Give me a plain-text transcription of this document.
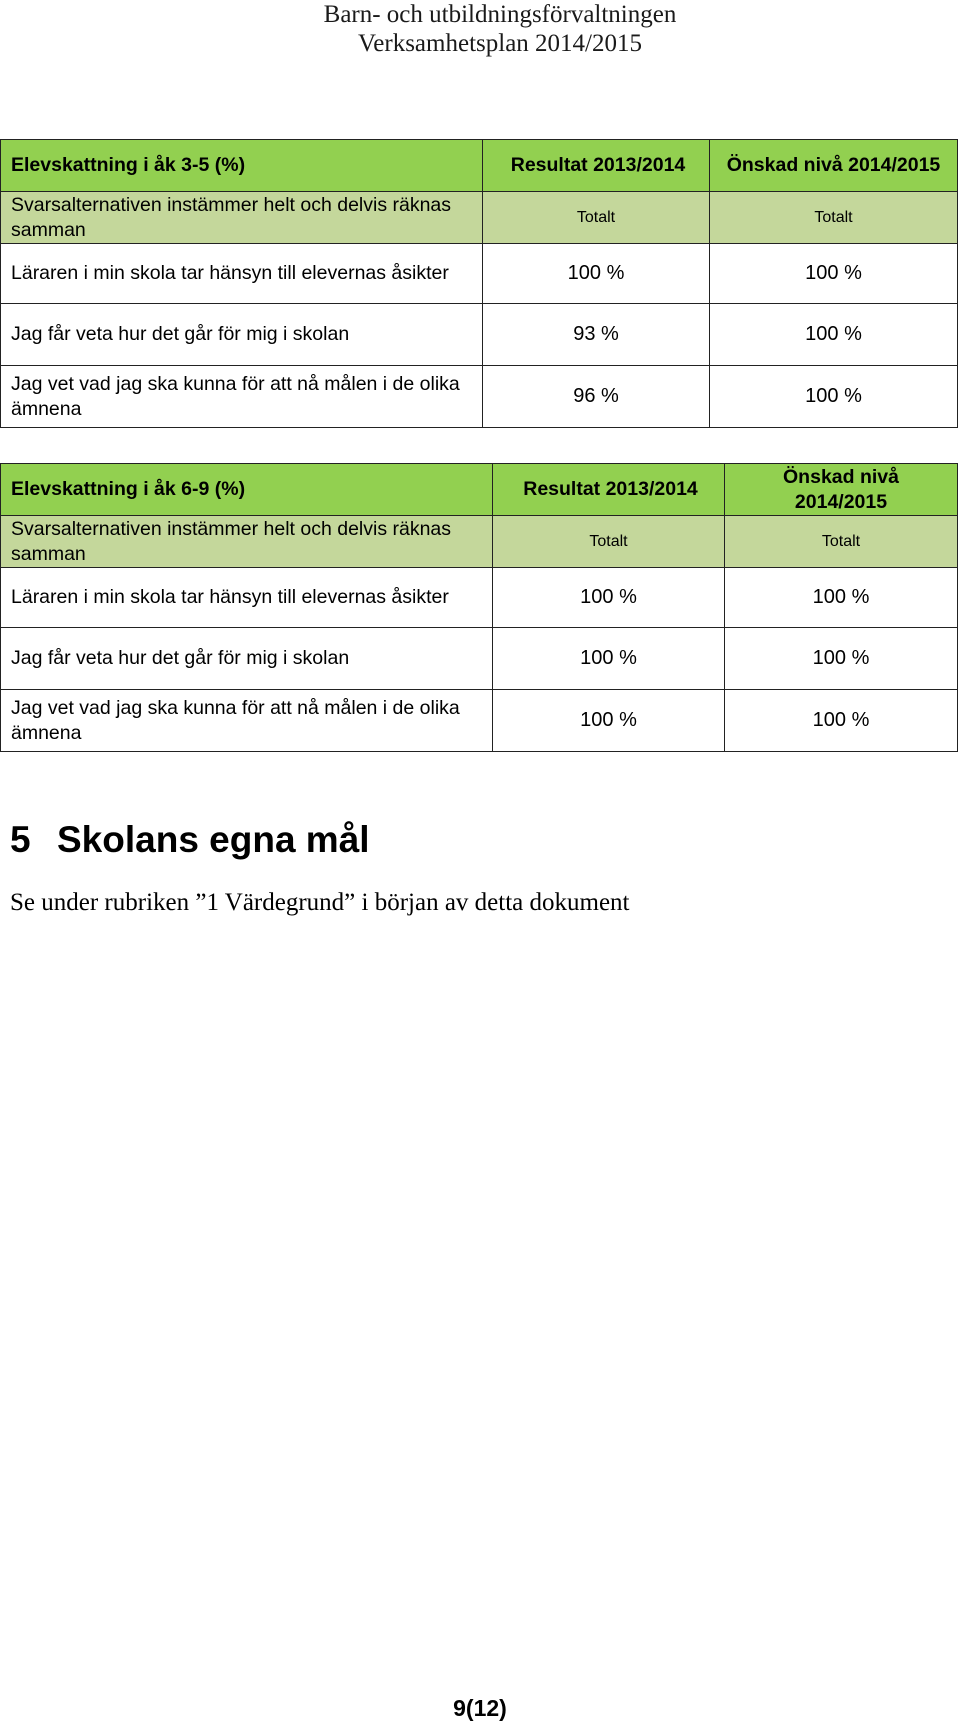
Barn- och utbildningsförvaltningen
Verksamhetsplan 2014/2015
Elevskattning i åk 3-5 (%)	Resultat 2013/2014	Önskad nivå 2014/2015
Svarsalternativen instämmer helt och delvis räknas samman	Totalt	Totalt
Läraren i min skola tar hänsyn till elevernas åsikter	100 %	100 %
Jag får veta hur det går för mig i skolan	93 %	100 %
Jag vet vad jag ska kunna för att nå målen i de olika ämnena	96 %	100 %
Elevskattning i åk 6-9 (%)	Resultat 2013/2014	Önskad nivå 2014/2015
Svarsalternativen instämmer helt och delvis räknas samman	Totalt	Totalt
Läraren i min skola tar hänsyn till elevernas åsikter	100 %	100 %
Jag får veta hur det går för mig i skolan	100 %	100 %
Jag vet vad jag ska kunna för att nå målen i de olika ämnena	100 %	100 %
5 Skolans egna mål

Se under rubriken ”1 Värdegrund” i början av detta dokument

9(12)
